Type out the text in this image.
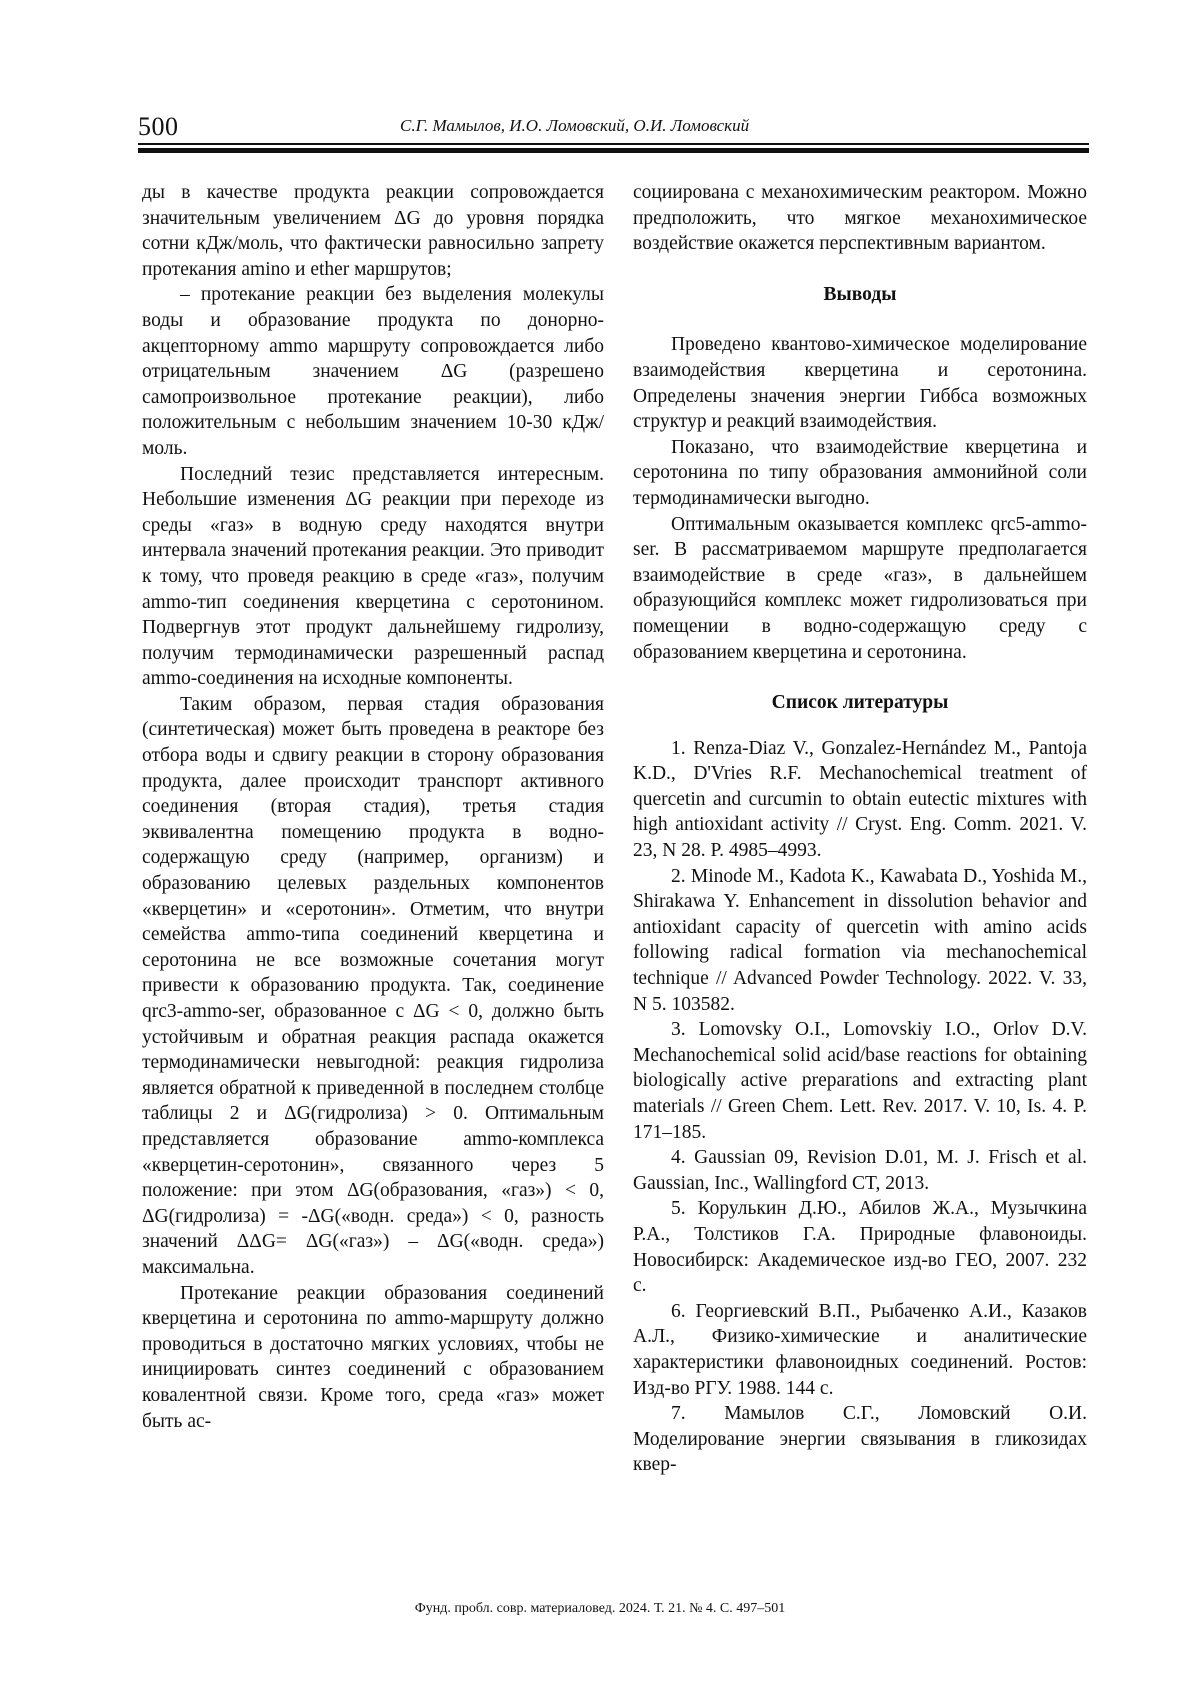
500	С.Г. Мамылов, И.О. Ломовский, О.И. Ломовский

ды в качестве продукта реакции сопровождается значительным увеличением ΔG до уровня порядка сотни кДж/моль, что фактически равносильно запрету протекания amino и ether маршрутов;

– протекание реакции без выделения молекулы воды и образование продукта по донорно-акцепторному ammo маршруту сопровождается либо отрицательным значением ΔG (разрешено самопроизвольное протекание реакции), либо положительным с небольшим значением 10-30 кДж/моль.

Последний тезис представляется интересным. Небольшие изменения ΔG реакции при переходе из среды «газ» в водную среду находятся внутри интервала значений протекания реакции. Это приводит к тому, что проведя реакцию в среде «газ», получим ammo-тип соединения кверцетина с серотонином. Подвергнув этот продукт дальнейшему гидролизу, получим термодинамически разрешенный распад ammo-соединения на исходные компоненты.

Таким образом, первая стадия образования (синтетическая) может быть проведена в реакторе без отбора воды и сдвигу реакции в сторону образования продукта, далее происходит транспорт активного соединения (вторая стадия), третья стадия эквивалентна помещению продукта в водно-содержащую среду (например, организм) и образованию целевых раздельных компонентов «кверцетин» и «серотонин». Отметим, что внутри семейства ammo-типа соединений кверцетина и серотонина не все возможные сочетания могут привести к образованию продукта. Так, соединение qrc3-ammo-ser, образованное с ΔG < 0, должно быть устойчивым и обратная реакция распада окажется термодинамически невыгодной: реакция гидролиза является обратной к приведенной в последнем столбце таблицы 2 и ΔG(гидролиза) > 0. Оптимальным представляется образование ammo-комплекса «кверцетин-серотонин», связанного через 5 положение: при этом ΔG(образования, «газ») < 0, ΔG(гидролиза) = -ΔG(«водн. среда») < 0, разность значений ΔΔG= ΔG(«газ») – ΔG(«водн. среда») максимальна.

Протекание реакции образования соединений кверцетина и серотонина по ammo-маршруту должно проводиться в достаточно мягких условиях, чтобы не инициировать синтез соединений с образованием ковалентной связи. Кроме того, среда «газ» может быть ас-

социирована с механохимическим реактором. Можно предположить, что мягкое механохимическое воздействие окажется перспективным вариантом.

Выводы

Проведено квантово-химическое моделирование взаимодействия кверцетина и серотонина. Определены значения энергии Гиббса возможных структур и реакций взаимодействия.

Показано, что взаимодействие кверцетина и серотонина по типу образования аммонийной соли термодинамически выгодно.

Оптимальным оказывается комплекс qrc5-ammo-ser. В рассматриваемом маршруте предполагается взаимодействие в среде «газ», в дальнейшем образующийся комплекс может гидролизоваться при помещении в водно-содержащую среду с образованием кверцетина и серотонина.

Список литературы

1. Renza-Diaz V., Gonzalez-Hernández M., Pantoja K.D., D'Vries R.F. Mechanochemical treatment of quercetin and curcumin to obtain eutectic mixtures with high antioxidant activity // Cryst. Eng. Comm. 2021. V. 23, N 28. P. 4985–4993.

2. Minode M., Kadota K., Kawabata D., Yoshida M., Shirakawa Y. Enhancement in dissolution behavior and antioxidant capacity of quercetin with amino acids following radical formation via mechanochemical technique // Advanced Powder Technology. 2022. V. 33, N 5. 103582.

3. Lomovsky O.I., Lomovskiy I.O., Orlov D.V. Mechanochemical solid acid/base reactions for obtaining biologically active preparations and extracting plant materials // Green Chem. Lett. Rev. 2017. V. 10, Is. 4. P. 171–185.

4. Gaussian 09, Revision D.01, M. J. Frisch et al. Gaussian, Inc., Wallingford CT, 2013.

5. Корулькин Д.Ю., Абилов Ж.А., Музычкина Р.А., Толстиков Г.А. Природные флавоноиды. Новосибирск: Академическое изд-во ГЕО, 2007. 232 с.

6. Георгиевский В.П., Рыбаченко А.И., Казаков А.Л., Физико-химические и аналитические характеристики флавоноидных соединений. Ростов: Изд-во РГУ. 1988. 144 с.

7. Мамылов С.Г., Ломовский О.И. Моделирование энергии связывания в гликозидах квер-

Фунд. пробл. совр. материаловед. 2024. Т. 21. № 4. С. 497–501
